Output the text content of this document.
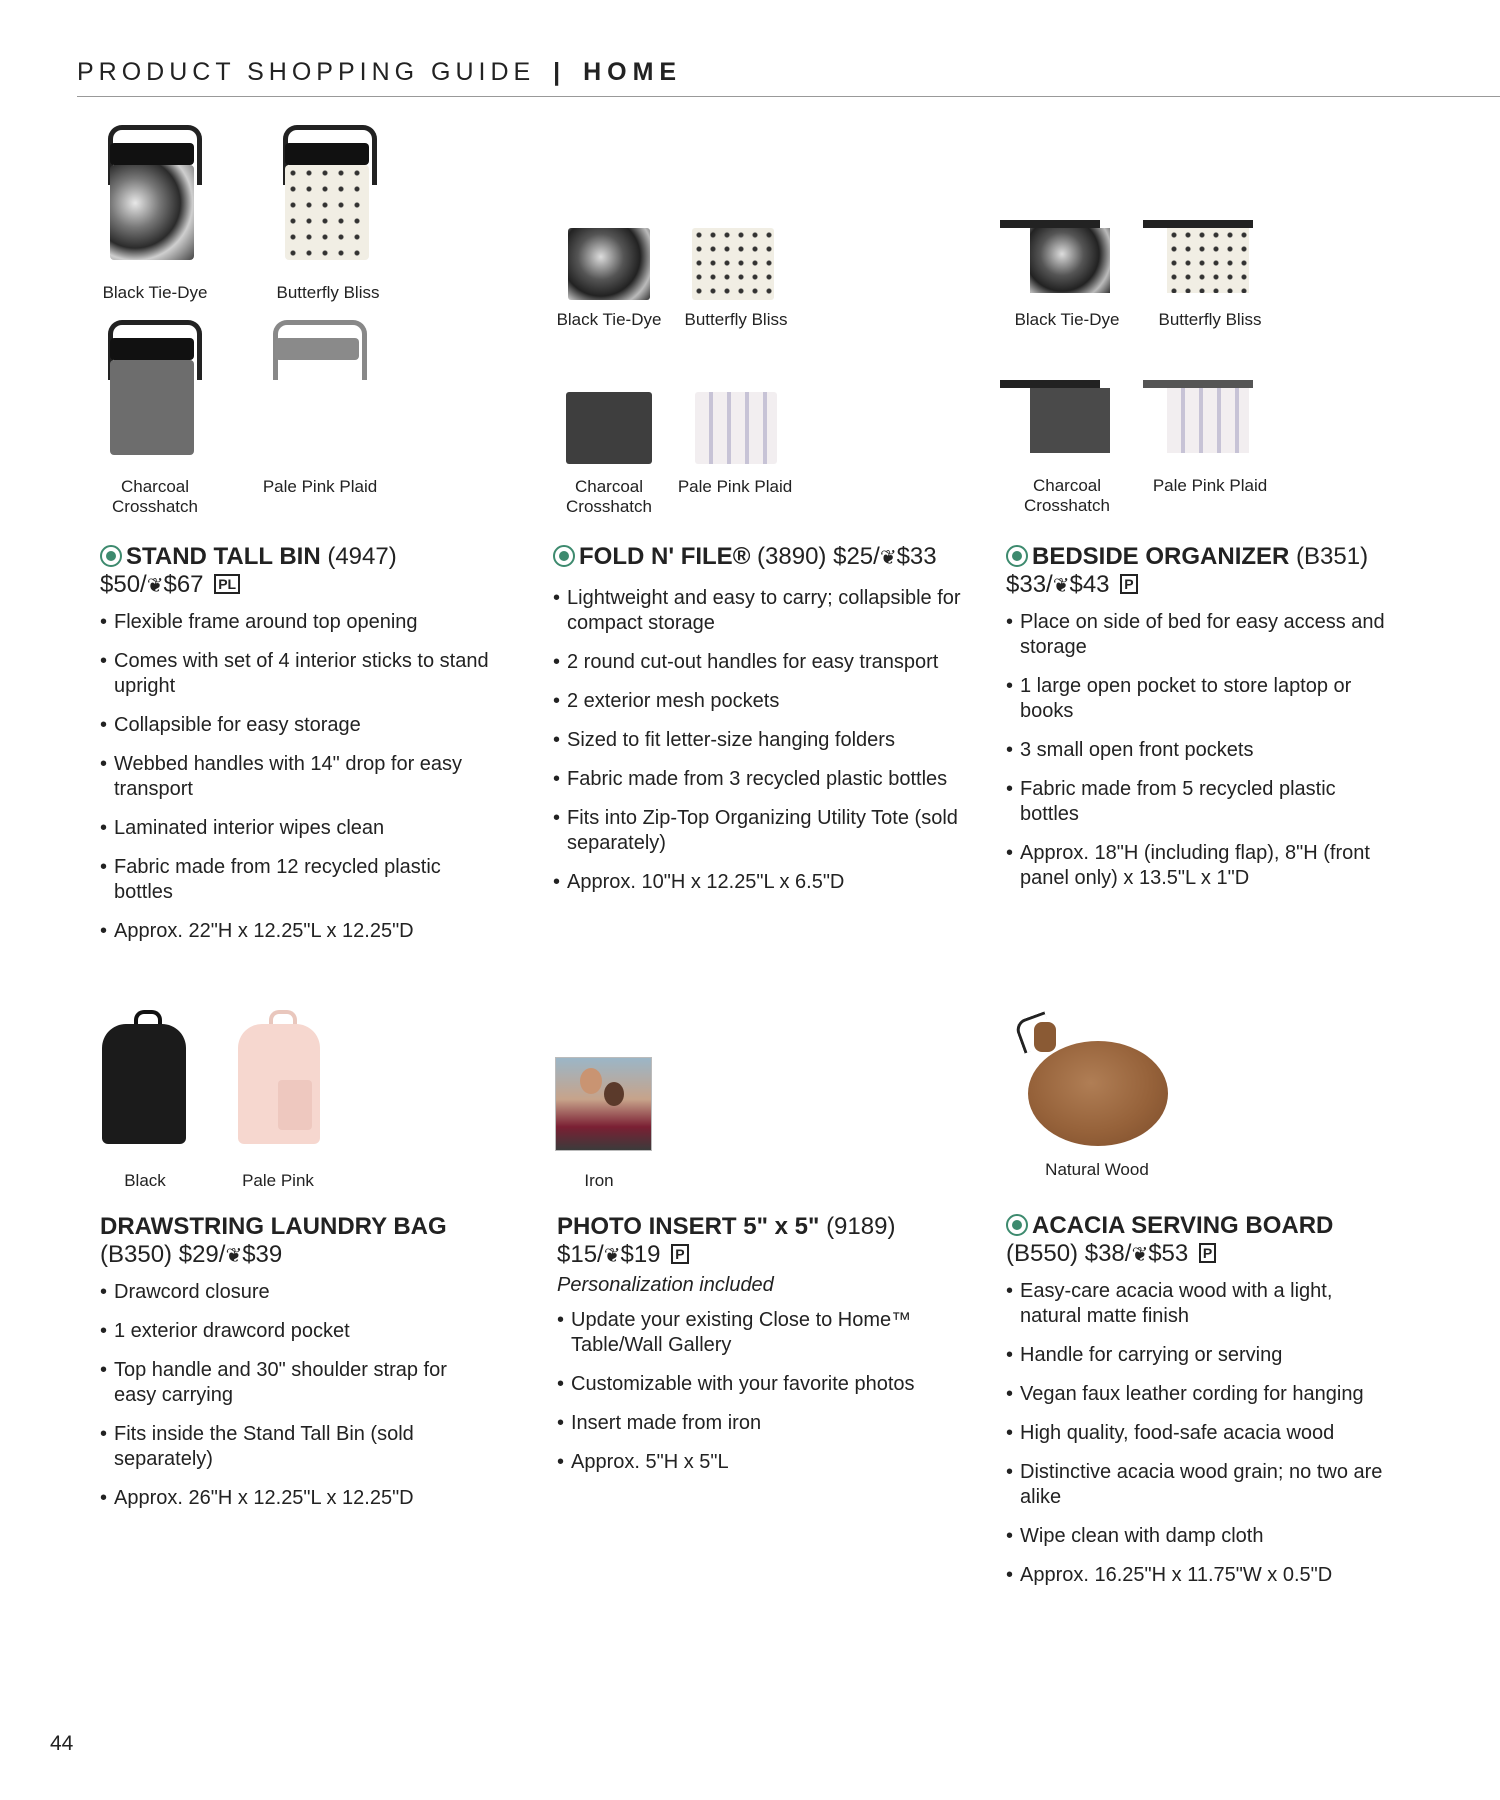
PRODUCT SHOPPING GUIDE | HOME
Black Tie-Dye	Butterfly Bliss
Charcoal Crosshatch
Pale Pink Plaid
Black Tie-Dye	Butterfly Bliss
Charcoal Crosshatch
Pale Pink Plaid
Black Tie-Dye	Butterfly Bliss
Charcoal Crosshatch
Pale Pink Plaid
STAND TALL BIN (4947)
$50/❦$67 PL
• Flexible frame around top opening
• Comes with set of 4 interior sticks to stand upright
• Collapsible for easy storage
• Webbed handles with 14" drop for easy transport
• Laminated interior wipes clean
• Fabric made from 12 recycled plastic bottles
• Approx. 22"H x 12.25"L x 12.25"D
FOLD N' FILE® (3890) $25/❦$33
• Lightweight and easy to carry; collapsible for compact storage
• 2 round cut-out handles for easy transport
• 2 exterior mesh pockets
• Sized to fit letter-size hanging folders
• Fabric made from 3 recycled plastic bottles
• Fits into Zip-Top Organizing Utility Tote (sold separately)
• Approx. 10"H x 12.25"L x 6.5"D
BEDSIDE ORGANIZER (B351)
$33/❦$43 P
• Place on side of bed for easy access and storage
• 1 large open pocket to store laptop or books
• 3 small open front pockets
• Fabric made from 5 recycled plastic bottles
• Approx. 18"H (including flap), 8"H (front panel only) x 13.5"L x 1"D
Black	Pale Pink	Iron
Natural Wood
DRAWSTRING LAUNDRY BAG
(B350) $29/❦$39
• Drawcord closure
• 1 exterior drawcord pocket
• Top handle and 30" shoulder strap for easy carrying
• Fits inside the Stand Tall Bin (sold separately)
• Approx. 26"H x 12.25"L x 12.25"D
PHOTO INSERT 5" x 5" (9189)
$15/❦$19 P
Personalization included
• Update your existing Close to Home™ Table/Wall Gallery
• Customizable with your favorite photos
• Insert made from iron
• Approx. 5"H x 5"L
ACACIA SERVING BOARD
(B550) $38/❦$53 P
• Easy-care acacia wood with a light, natural matte finish
• Handle for carrying or serving
• Vegan faux leather cording for hanging
• High quality, food-safe acacia wood
• Distinctive acacia wood grain; no two are alike
• Wipe clean with damp cloth
• Approx. 16.25"H x 11.75"W x 0.5"D
44
